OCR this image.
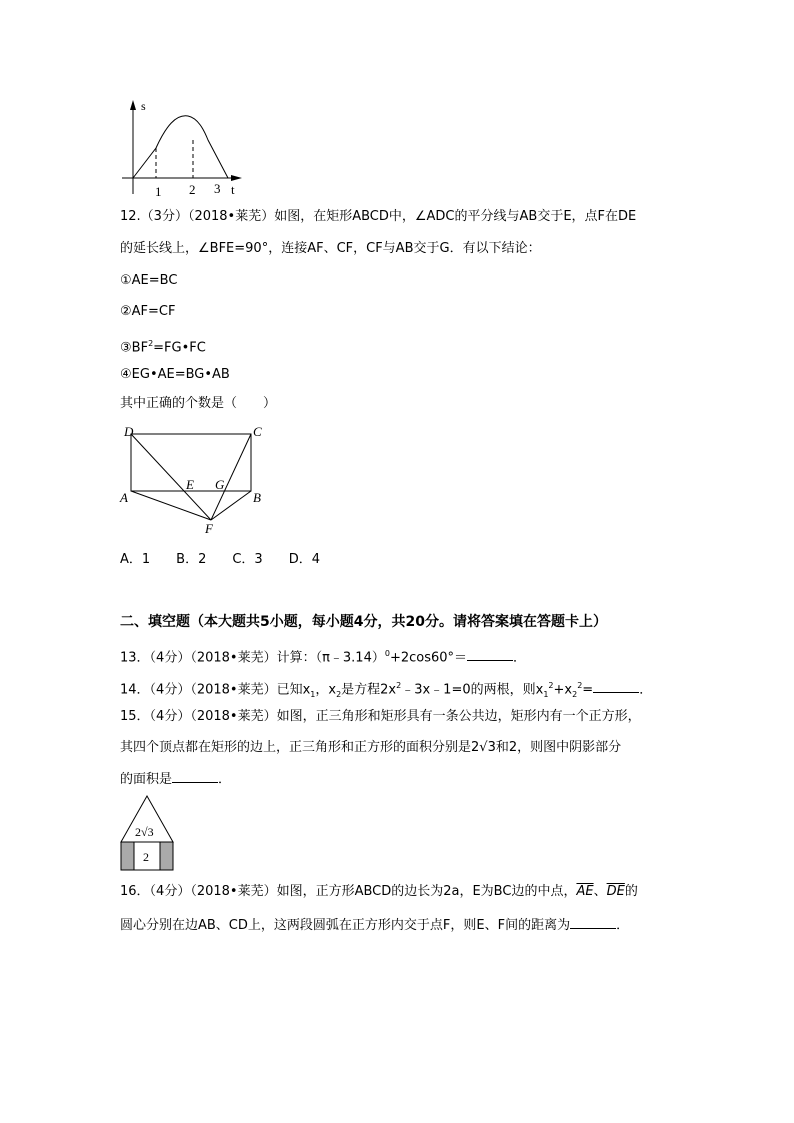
s
t
1 2 3
12.（3分）（2018•莱芜）如图，在矩形ABCD中，∠ADC的平分线与AB交于E，点F在DE
的延长线上，∠BFE=90°，连接AF、CF，CF与AB交于G．有以下结论：
①AE=BC
②AF=CF
$③BF^2=FG•FC$
④EG•AE=BG•AB
其中正确的个数是（　　）
D	C
A	B
E G
F
A．1　　B．2　　C．3　　D．4
二、填空题（本大题共5小题，每小题4分，共20分。请将答案填在答题卡上）
13．（4分）（2018•莱芜）计算：（π﹣3.14）$^0$+2cos60°＝	．
14．（4分）（2018•莱芜）已知$x_1$，$x_2$是方程$2x^2﹣3x﹣1=0$的两根，则$x_1^2+x_2^2=$	．
15．（4分）（2018•莱芜）如图，正三角形和矩形具有一条公共边，矩形内有一个正方形，
其四个顶点都在矩形的边上，正三角形和正方形的面积分别是2√3和2，则图中阴影部分
的面积是	．
2√3
2
16．（4分）（2018•莱芜）如图，正方形ABCD的边长为2a，E为BC边的中点，$\overline{AE}$、$\overline{DE}$的
圆心分别在边AB、CD上，这两段圆弧在正方形内交于点F，则E、F间的距离为	．
